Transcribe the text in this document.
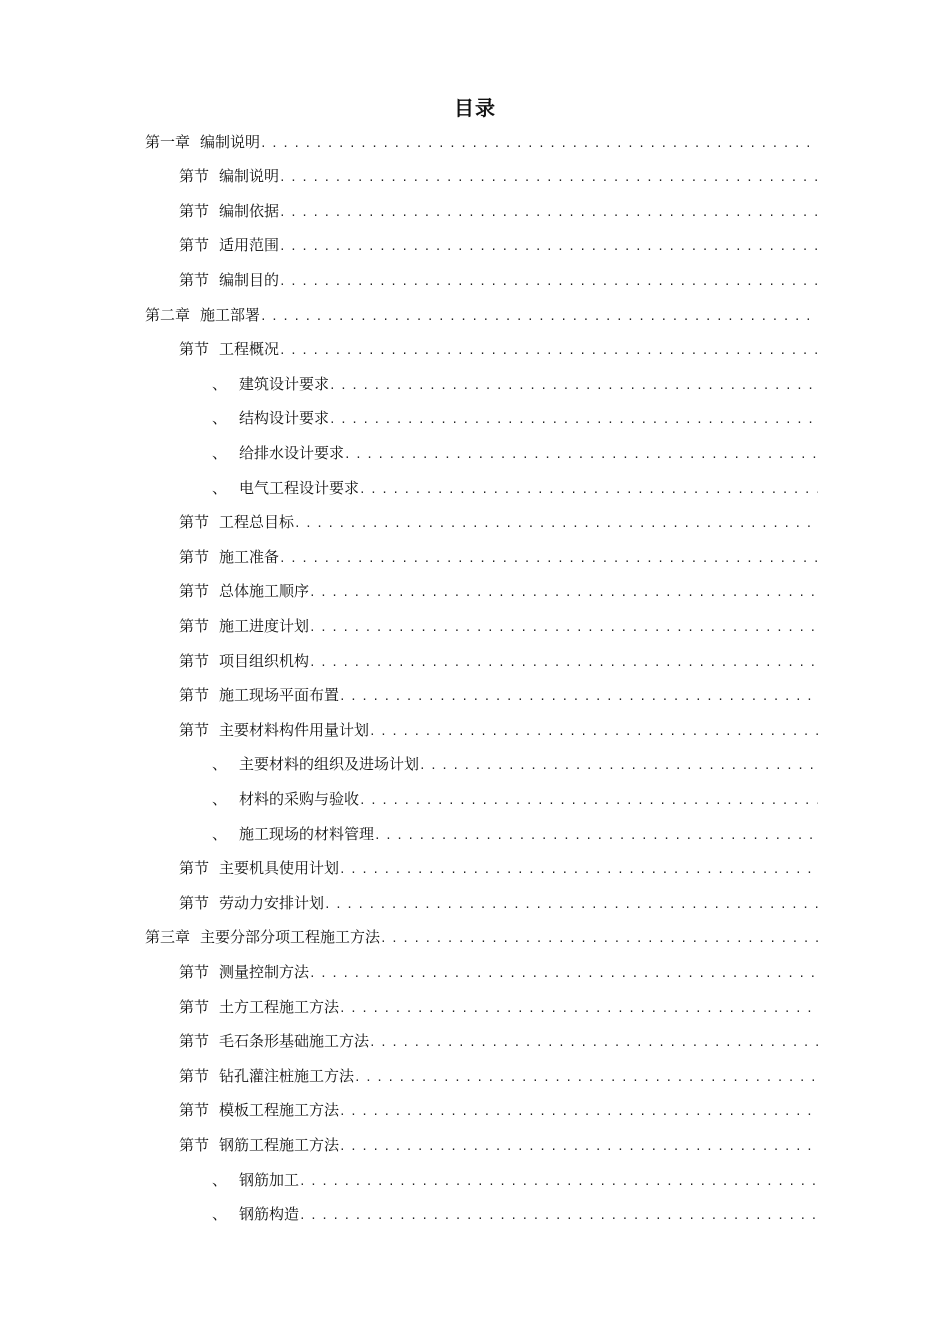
目录
第一章 编制说明
.....
第节 编制说明
.....
第节 编制依据
.....
第节 适用范围
.....
第节 编制目的
.....
第二章 施工部署
.....
第节 工程概况
.....
、 建筑设计要求
.....
、 结构设计要求
.....
、 给排水设计要求
.....
、 电气工程设计要求
.....
第节 工程总目标
.....
第节 施工准备
.....
第节 总体施工顺序
.....
第节 施工进度计划
.....
第节 项目组织机构
.....
第节 施工现场平面布置
.....
第节 主要材料构件用量计划
.....
、 主要材料的组织及进场计划
.....
、 材料的采购与验收
.....
、 施工现场的材料管理
.....
第节 主要机具使用计划
.....
第节 劳动力安排计划
.....
第三章 主要分部分项工程施工方法
.....
第节 测量控制方法
.....
第节 土方工程施工方法
.....
第节 毛石条形基础施工方法
.....
第节 钻孔灌注桩施工方法
.....
第节 模板工程施工方法
.....
第节 钢筋工程施工方法
.....
、 钢筋加工
.....
、 钢筋构造
.....
